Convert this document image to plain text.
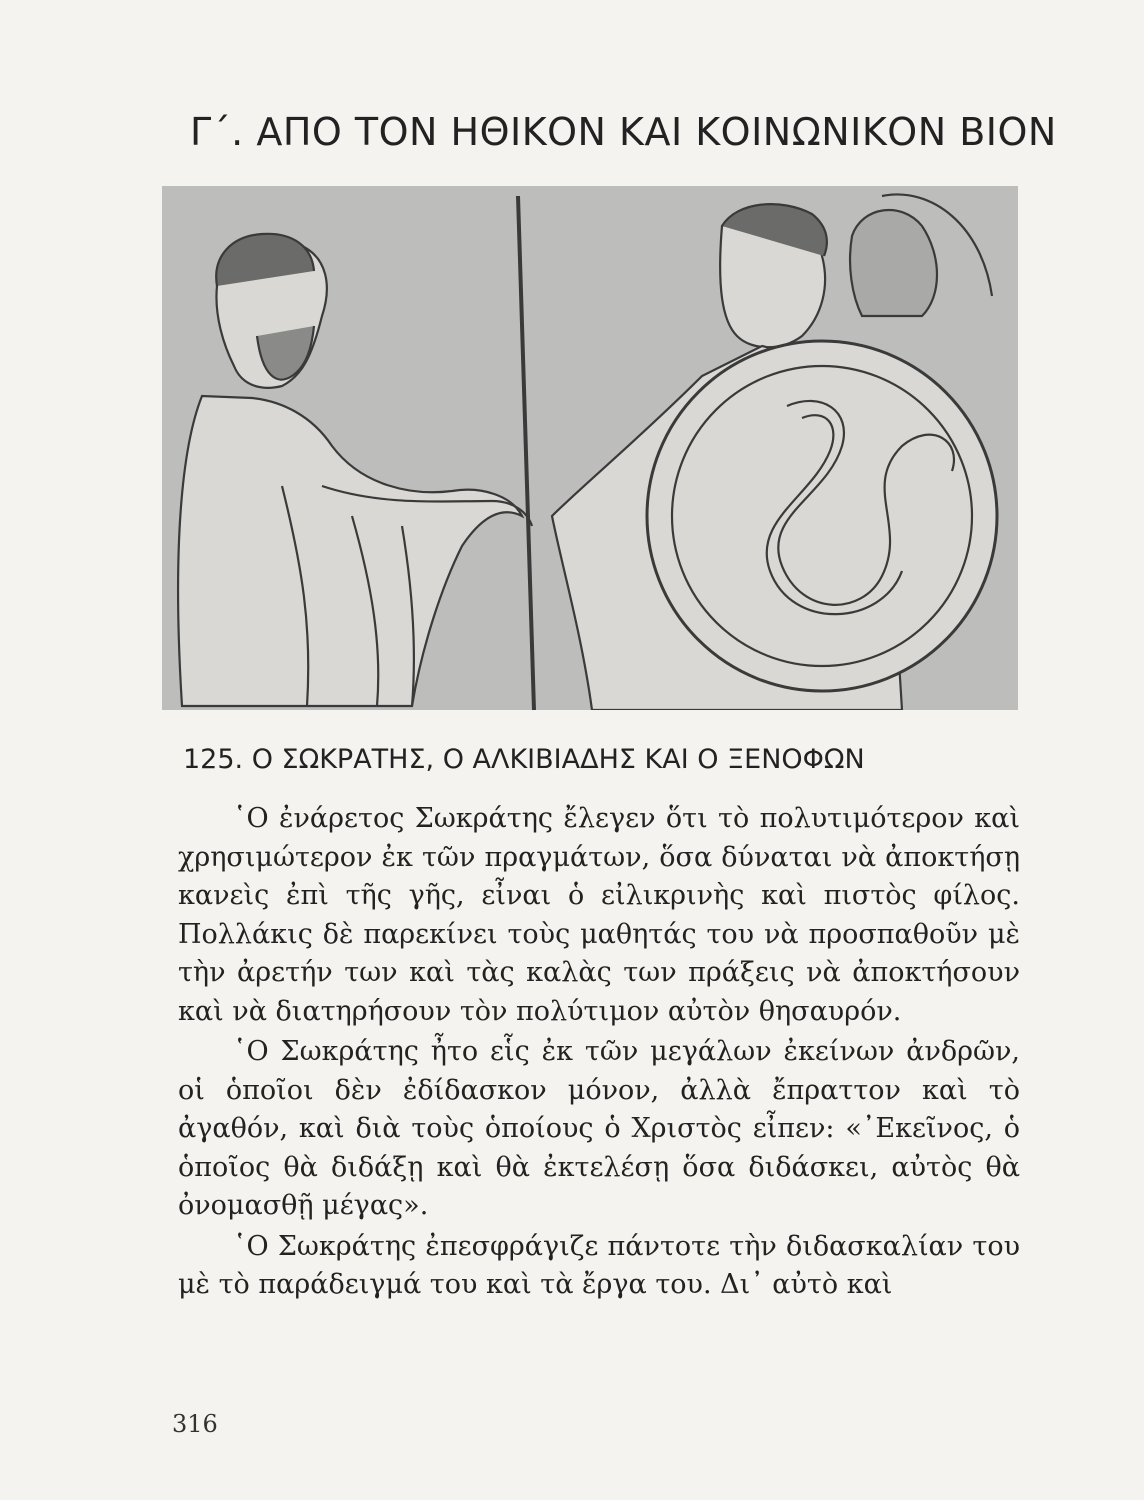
Γ΄. ΑΠΟ ΤΟΝ ΗΘΙΚΟΝ ΚΑΙ ΚΟΙΝΩΝΙΚΟΝ ΒΙΟΝ
125. Ο ΣΩΚΡΑΤΗΣ, Ο ΑΛΚΙΒΙΑΔΗΣ ΚΑΙ Ο ΞΕΝΟΦΩΝ

῾Ο ἐνάρετος Σωκράτης ἔλεγεν ὅτι τὸ πολυτιμότερον καὶ χρησιμώτερον ἐκ τῶν πραγμάτων, ὅσα δύναται νὰ ἀποκτήσῃ κανεὶς ἐπὶ τῆς γῆς, εἶναι ὁ εἰλικρινὴς καὶ πιστὸς φίλος. Πολλάκις δὲ παρεκίνει τοὺς μαθητάς του νὰ προσπαθοῦν μὲ τὴν ἀρετήν των καὶ τὰς καλὰς των πράξεις νὰ ἀποκτήσουν καὶ νὰ διατηρήσουν τὸν πολύτιμον αὐτὸν θησαυρόν.

῾Ο Σωκράτης ἦτο εἷς ἐκ τῶν μεγάλων ἐκείνων ἀνδρῶν, οἱ ὁποῖοι δὲν ἐδίδασκον μόνον, ἀλλὰ ἔπραττον καὶ τὸ ἀγαθόν, καὶ διὰ τοὺς ὁποίους ὁ Χριστὸς εἶπεν: «᾿Εκεῖνος, ὁ ὁποῖος θὰ διδάξῃ καὶ θὰ ἐκτελέσῃ ὅσα διδάσκει, αὐτὸς θὰ ὀνομασθῇ μέγας».

῾Ο Σωκράτης ἐπεσφράγιζε πάντοτε τὴν διδασκαλίαν του μὲ τὸ παράδειγμά του καὶ τὰ ἔργα του. Δι᾿ αὐτὸ καὶ

316
